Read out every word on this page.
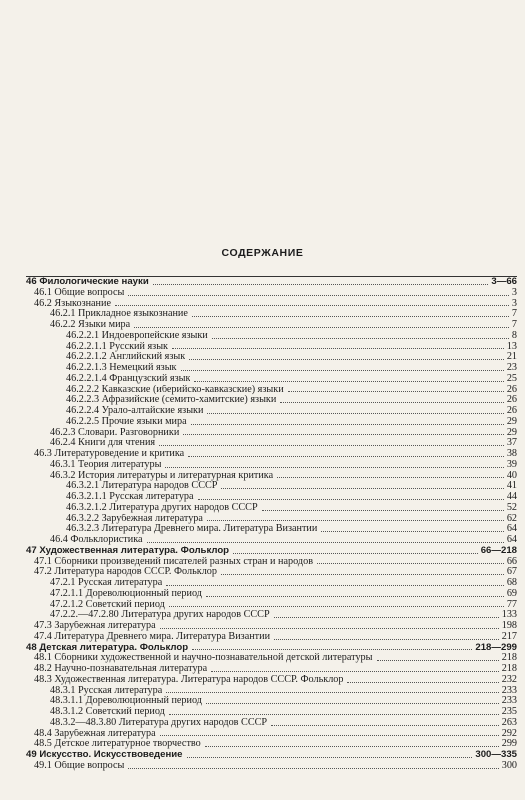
СОДЕРЖАНИЕ
46 Филологические науки	3—66
46.1 Общие вопросы	3
46.2 Языкознание	3
46.2.1 Прикладное языкознание	7
46.2.2 Языки мира	7
46.2.2.1 Индоевропейские языки	8
46.2.2.1.1 Русский язык	13
46.2.2.1.2 Английский язык	21
46.2.2.1.3 Немецкий язык	23
46.2.2.1.4 Французский язык	25
46.2.2.2 Кавказские (иберийско-кавказские) языки	26
46.2.2.3 Афразийские (семито-хамитские) языки	26
46.2.2.4 Урало-алтайские языки	26
46.2.2.5 Прочие языки мира	29
46.2.3 Словари. Разговорники	29
46.2.4 Книги для чтения	37
46.3 Литературоведение и критика	38
46.3.1 Теория литературы	39
46.3.2 История литературы и литературная критика	40
46.3.2.1 Литература народов СССР	41
46.3.2.1.1 Русская литература	44
46.3.2.1.2 Литература других народов СССР	52
46.3.2.2 Зарубежная литература	62
46.3.2.3 Литература Древнего мира. Литература Византии	64
46.4 Фольклористика	64
47 Художественная литература. Фольклор	66—218
47.1 Сборники произведений писателей разных стран и народов	66
47.2 Литература народов СССР. Фольклор	67
47.2.1 Русская литература	68
47.2.1.1 Дореволюционный период	69
47.2.1.2 Советский период	77
47.2.2.—47.2.80 Литература других народов СССР	133
47.3 Зарубежная литература	198
47.4 Литература Древнего мира. Литература Византии	217
48 Детская литература. Фольклор	218—299
48.1 Сборники художественной и научно-познавательной детской литературы	218
48.2 Научно-познавательная литература	218
48.3 Художественная литература. Литература народов СССР. Фольклор	232
48.3.1 Русская литература	233
48.3.1.1 Дореволюционный период	233
48.3.1.2 Советский период	235
48.3.2—48.3.80 Литература других народов СССР	263
48.4 Зарубежная литература	292
48.5 Детское литературное творчество	299
49 Искусство. Искусствоведение	300—335
49.1 Общие вопросы	300
